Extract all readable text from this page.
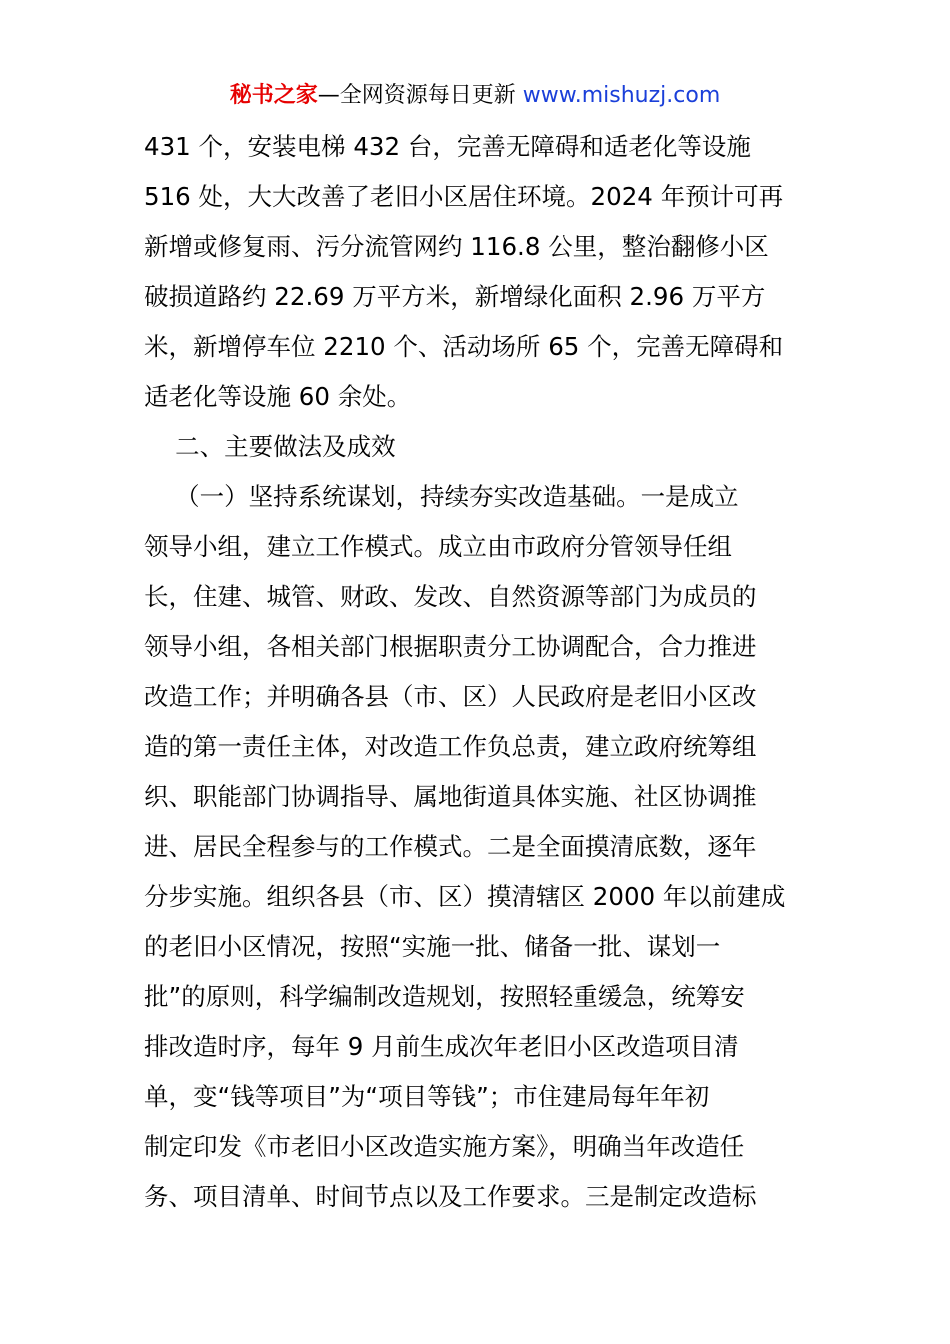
秘书之家—全网资源每日更新 www.mishuzj.com
431 个，安装电梯 432 台，完善无障碍和适老化等设施
516 处，大大改善了老旧小区居住环境。2024 年预计可再
新增或修复雨、污分流管网约 116.8 公里，整治翻修小区
破损道路约 22.69 万平方米，新增绿化面积 2.96 万平方
米，新增停车位 2210 个、活动场所 65 个，完善无障碍和
适老化等设施 60 余处。
二、主要做法及成效
（一）坚持系统谋划，持续夯实改造基础。一是成立
领导小组，建立工作模式。成立由市政府分管领导任组
长，住建、城管、财政、发改、自然资源等部门为成员的
领导小组，各相关部门根据职责分工协调配合，合力推进
改造工作；并明确各县（市、区）人民政府是老旧小区改
造的第一责任主体，对改造工作负总责，建立政府统筹组
织、职能部门协调指导、属地街道具体实施、社区协调推
进、居民全程参与的工作模式。二是全面摸清底数，逐年
分步实施。组织各县（市、区）摸清辖区 2000 年以前建成
的老旧小区情况，按照“实施一批、储备一批、谋划一
批”的原则，科学编制改造规划，按照轻重缓急，统筹安
排改造时序，每年 9 月前生成次年老旧小区改造项目清
单，变“钱等项目”为“项目等钱”；市住建局每年年初
制定印发《市老旧小区改造实施方案》，明确当年改造任
务、项目清单、时间节点以及工作要求。三是制定改造标
